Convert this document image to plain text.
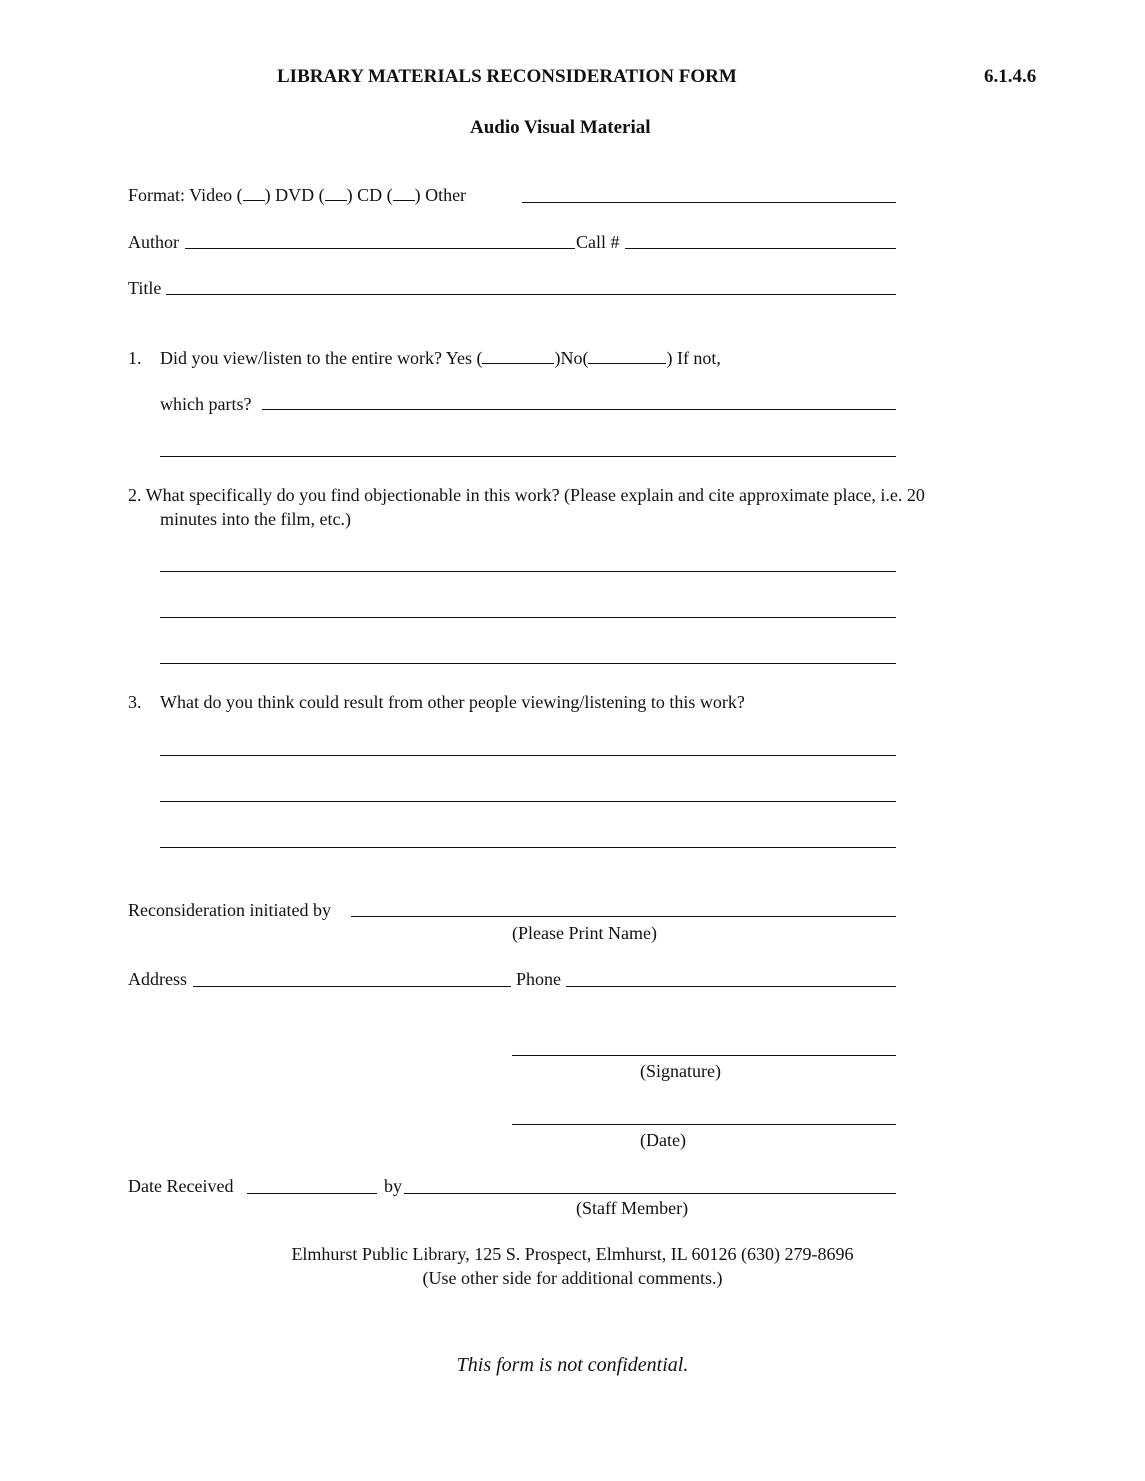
LIBRARY MATERIALS RECONSIDERATION FORM	6.1.4.6
Audio Visual Material
Format: Video ( ) DVD ( ) CD ( ) Other
Author	Call #
Title
1. Did you view/listen to the entire work? Yes (	)No(	) If not,
which parts?
2. What specifically do you find objectionable in this work? (Please explain and cite approximate place, i.e. 20
minutes into the film, etc.)
3. What do you think could result from other people viewing/listening to this work?
Reconsideration initiated by
(Please Print Name)
Address	Phone
(Signature)
(Date)
Date Received	by
(Staff Member)
Elmhurst Public Library, 125 S. Prospect, Elmhurst, IL 60126 (630) 279-8696
(Use other side for additional comments.)
This form is not confidential.
